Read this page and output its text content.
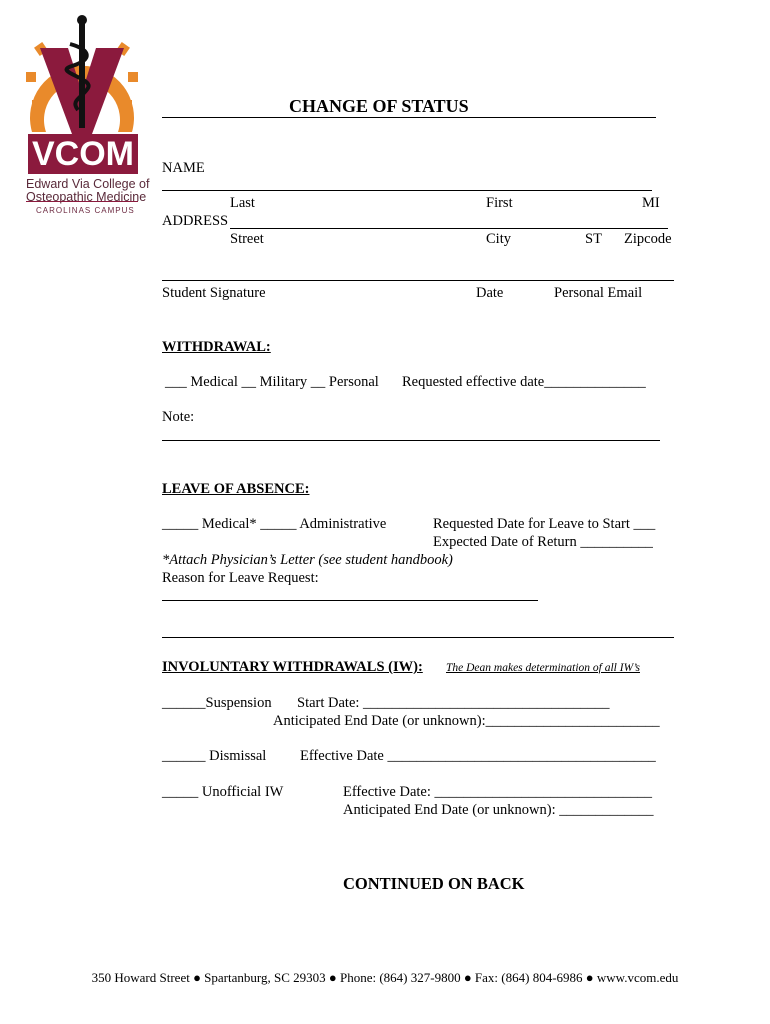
VCOM
Edward Via College of
Osteopathic Medicine
CAROLINAS CAMPUS
CHANGE OF STATUS
NAME
Last	First	MI
ADDRESS
Street	City	ST Zipcode
Student Signature	Date	Personal Email
WITHDRAWAL:
___ Medical __ Military __ Personal Requested effective date______________
Note:
LEAVE OF ABSENCE:
_____ Medical* _____ Administrative	Requested Date for Leave to Start ___
Expected Date of Return __________
*Attach Physician’s Letter (see student handbook)
Reason for Leave Request:
INVOLUNTARY WITHDRAWALS (IW): The Dean makes determination of all IW’s
______Suspension Start Date: __________________________________
Anticipated End Date (or unknown):________________________
______ Dismissal Effective Date _____________________________________
_____ Unofficial IW	Effective Date: ______________________________
Anticipated End Date (or unknown): _____________
CONTINUED ON BACK
350 Howard Street ● Spartanburg, SC 29303 ● Phone: (864) 327-9800 ● Fax: (864) 804-6986 ● www.vcom.edu
